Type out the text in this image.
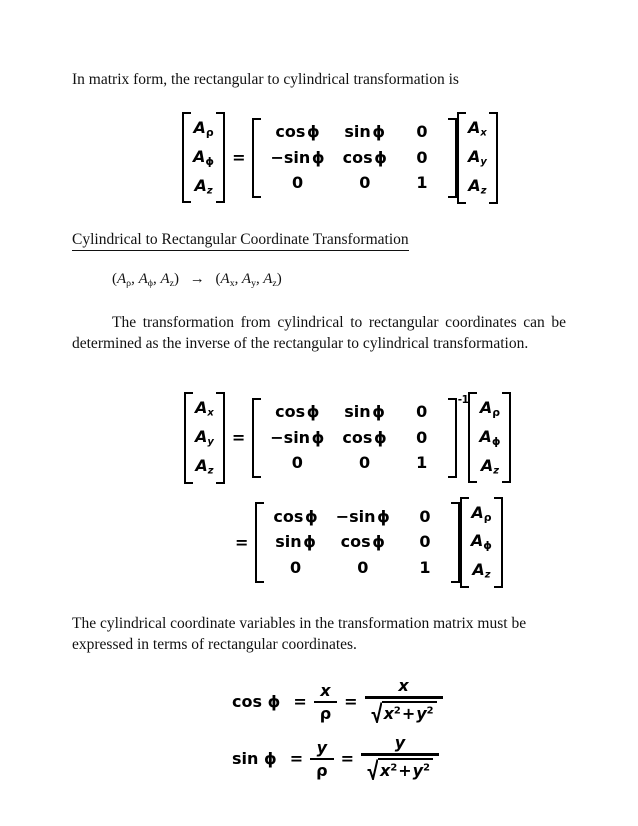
In matrix form, the rectangular to cylindrical transformation is
Aρ
Aϕ
$A_z$
=
cos ϕ	sin ϕ	0
−sin ϕ	cos ϕ	0
0	0	1
$A_x$
$A_y$
$A_z$
Cylindrical to Rectangular Coordinate Transformation
($A_\rho$, $A_\phi$, $A_z) \to (A_x$, $A_y$, $A_z$)
The transformation from cylindrical to rectangular coordinates can be determined as the inverse of the rectangular to cylindrical transformation.
$A_x$
$A_y$
$A_z$
=
cos ϕ	sin ϕ	0
−sin ϕ	cos ϕ	0
0	0	1
-1 Aρ
Aϕ
$A_z$
=
cos ϕ	−sin ϕ	0
sin ϕ	cos ϕ	0
0	0	1
Aρ
Aϕ
$A_z$
The cylindrical coordinate variables in the transformation matrix must be expressed in terms of rectangular coordinates.
$\cos \phi = \frac{x}{\rho} = \frac{x}{x^2+y^2}$
$\sin \phi = \frac{y}{\rho} = \frac{y}{x^2+y^2}$
